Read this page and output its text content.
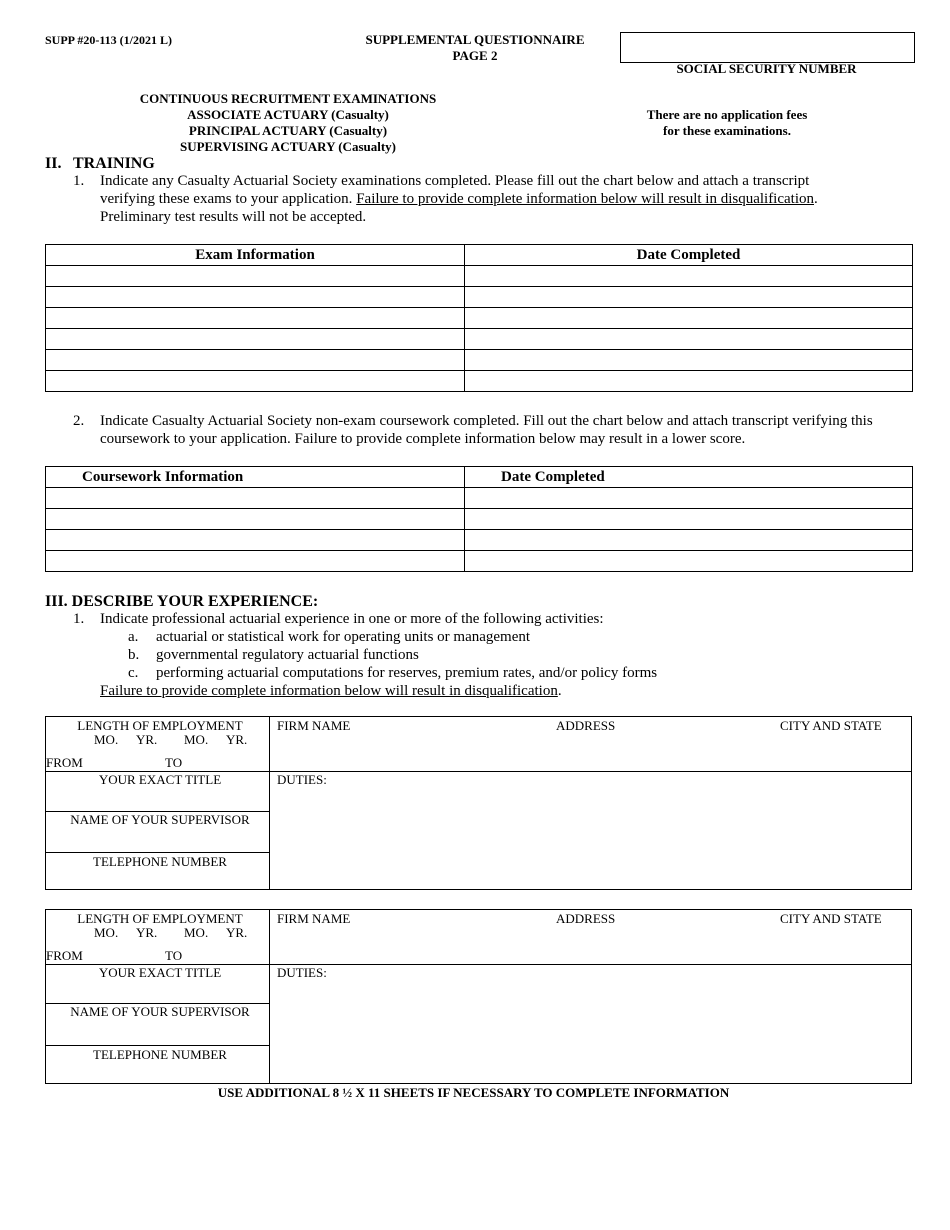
SUPP #20-113 (1/2021 L)	SUPPLEMENTAL QUESTIONNAIRE
PAGE 2
SOCIAL SECURITY NUMBER
CONTINUOUS RECRUITMENT EXAMINATIONS
ASSOCIATE ACTUARY (Casualty)
PRINCIPAL ACTUARY (Casualty)
SUPERVISING ACTUARY (Casualty)
There are no application fees
for these examinations.
II. TRAINING
1. Indicate any Casualty Actuarial Society examinations completed. Please fill out the chart below and attach a transcript
verifying these exams to your application. Failure to provide complete information below will result in disqualification.
Preliminary test results will not be accepted.
Exam Information	Date Completed

2. Indicate Casualty Actuarial Society non-exam coursework completed. Fill out the chart below and attach transcript verifying this
coursework to your application. Failure to provide complete information below may result in a lower score.
Coursework Information	Date Completed

III. DESCRIBE YOUR EXPERIENCE:
1. Indicate professional actuarial experience in one or more of the following activities:
a. actuarial or statistical work for operating units or management
b. governmental regulatory actuarial functions
c. performing actuarial computations for reserves, premium rates, and/or policy forms
Failure to provide complete information below will result in disqualification.
LENGTH OF EMPLOYMENT
MO. YR. MO. YR.
FROM	TO
FIRM NAME	ADDRESS	CITY AND STATE
YOUR EXACT TITLE	DUTIES:
NAME OF YOUR SUPERVISOR
TELEPHONE NUMBER
LENGTH OF EMPLOYMENT
MO. YR. MO. YR.
FROM	TO
FIRM NAME	ADDRESS	CITY AND STATE
YOUR EXACT TITLE	DUTIES:
NAME OF YOUR SUPERVISOR
TELEPHONE NUMBER
USE ADDITIONAL 8 ½ X 11 SHEETS IF NECESSARY TO COMPLETE INFORMATION
